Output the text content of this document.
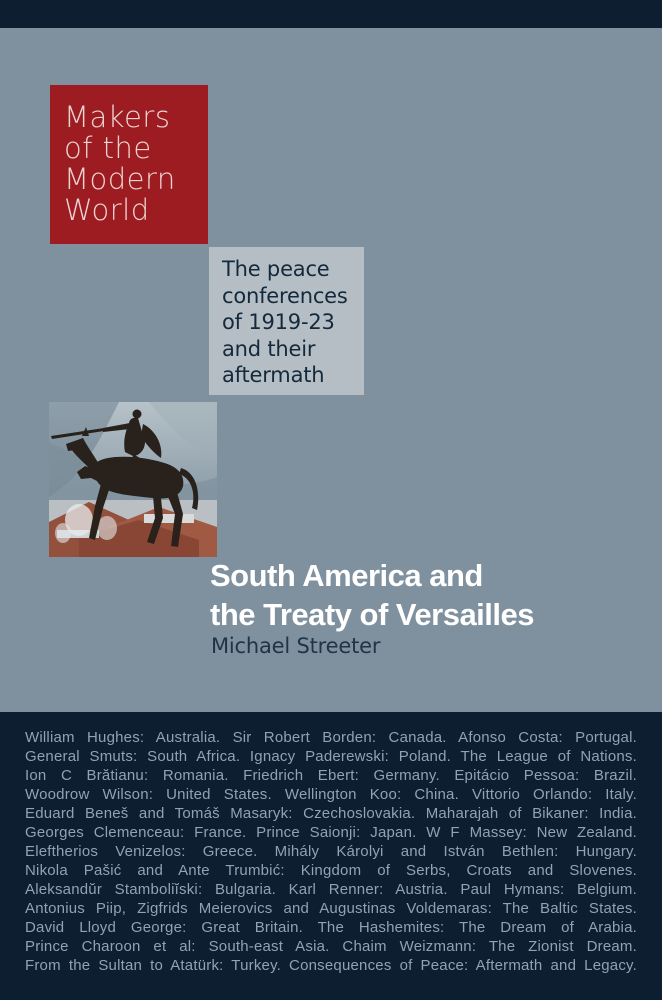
Makers
of the
Modern
World
The peace
conferences
of 1919-23
and their
aftermath
South America and
the Treaty of Versailles
Michael Streeter
William Hughes: Australia. Sir Robert Borden: Canada. Afonso Costa: Portugal.
General Smuts: South Africa. Ignacy Paderewski: Poland. The League of Nations.
Ion C Brătianu: Romania. Friedrich Ebert: Germany. Epitácio Pessoa: Brazil.
Woodrow Wilson: United States. Wellington Koo: China. Vittorio Orlando: Italy.
Eduard Beneš and Tomáš Masaryk: Czechoslovakia. Maharajah of Bikaner: India.
Georges Clemenceau: France. Prince Saionji: Japan. W F Massey: New Zealand.
Eleftherios Venizelos: Greece. Mihály Károlyi and István Bethlen: Hungary.
Nikola Pašić and Ante Trumbić: Kingdom of Serbs, Croats and Slovenes.
Aleksandŭr Stamboliĭski: Bulgaria. Karl Renner: Austria. Paul Hymans: Belgium.
Antonius Piip, Zigfrids Meierovics and Augustinas Voldemaras: The Baltic States.
David Lloyd George: Great Britain. The Hashemites: The Dream of Arabia.
Prince Charoon et al: South-east Asia. Chaim Weizmann: The Zionist Dream.
From the Sultan to Atatürk: Turkey. Consequences of Peace: Aftermath and Legacy.
